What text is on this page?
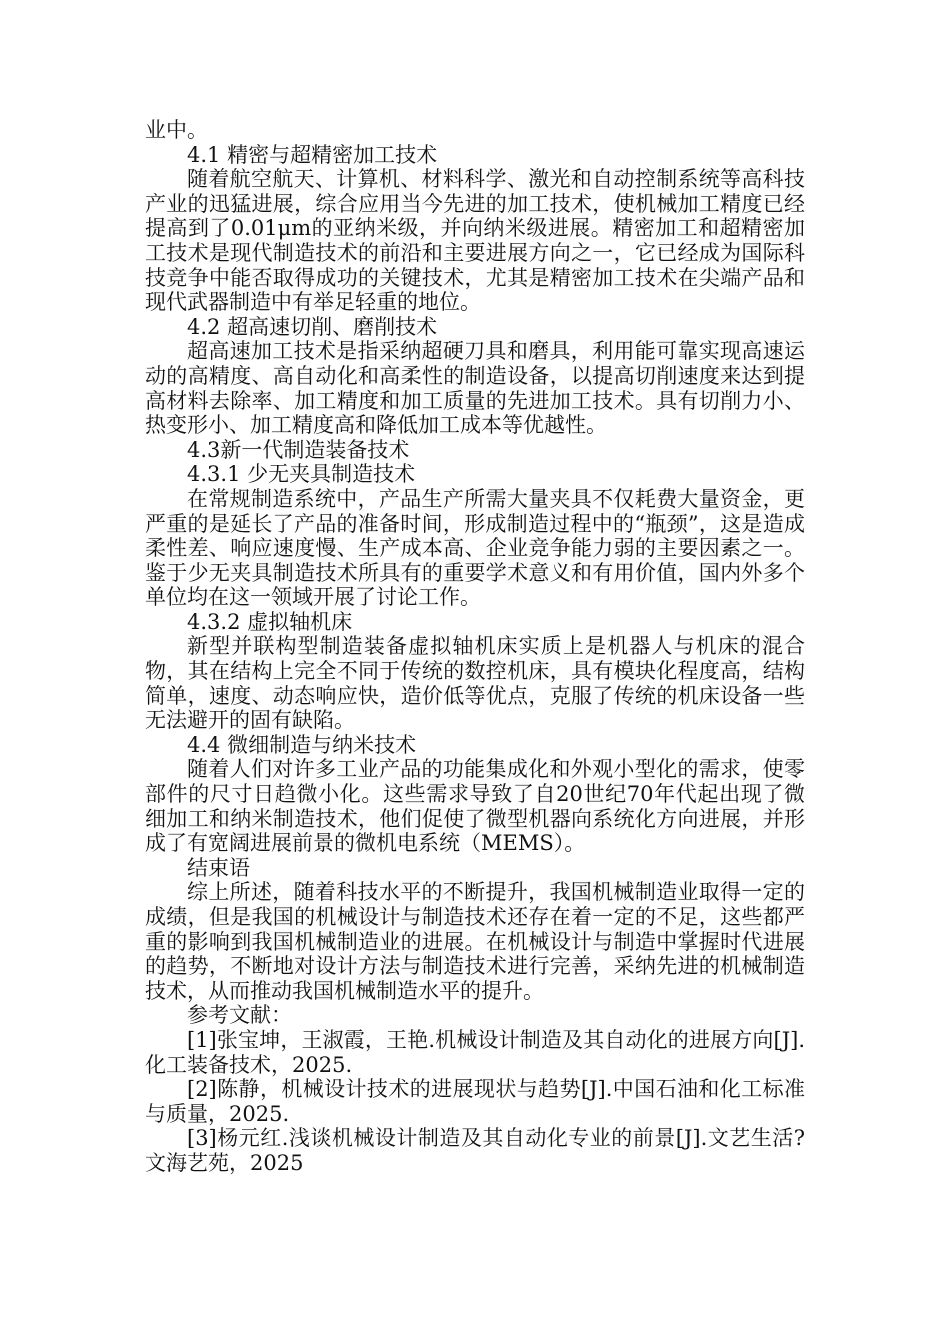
业中。

4.1 精密与超精密加工技术

随着航空航天、计算机、材料科学、激光和自动控制系统等高科技产业的迅猛进展，综合应用当今先进的加工技术，使机械加工精度已经提高到了0.01μm的亚纳米级，并向纳米级进展。精密加工和超精密加工技术是现代制造技术的前沿和主要进展方向之一，它已经成为国际科技竞争中能否取得成功的关键技术，尤其是精密加工技术在尖端产品和现代武器制造中有举足轻重的地位。

4.2 超高速切削、磨削技术

超高速加工技术是指采纳超硬刀具和磨具，利用能可靠实现高速运动的高精度、高自动化和高柔性的制造设备，以提高切削速度来达到提高材料去除率、加工精度和加工质量的先进加工技术。具有切削力小、热变形小、加工精度高和降低加工成本等优越性。

4.3新一代制造装备技术

4.3.1 少无夹具制造技术

在常规制造系统中，产品生产所需大量夹具不仅耗费大量资金，更严重的是延长了产品的准备时间，形成制造过程中的“瓶颈”，这是造成柔性差、响应速度慢、生产成本高、企业竞争能力弱的主要因素之一。鉴于少无夹具制造技术所具有的重要学术意义和有用价值，国内外多个单位均在这一领域开展了讨论工作。

4.3.2 虚拟轴机床

新型并联构型制造装备虚拟轴机床实质上是机器人与机床的混合物，其在结构上完全不同于传统的数控机床，具有模块化程度高，结构简单，速度、动态响应快，造价低等优点，克服了传统的机床设备一些无法避开的固有缺陷。

4.4 微细制造与纳米技术

随着人们对许多工业产品的功能集成化和外观小型化的需求，使零部件的尺寸日趋微小化。这些需求导致了自20世纪70年代起出现了微细加工和纳米制造技术，他们促使了微型机器向系统化方向进展，并形成了有宽阔进展前景的微机电系统（MEMS）。

结束语

综上所述，随着科技水平的不断提升，我国机械制造业取得一定的成绩，但是我国的机械设计与制造技术还存在着一定的不足，这些都严重的影响到我国机械制造业的进展。在机械设计与制造中掌握时代进展的趋势，不断地对设计方法与制造技术进行完善，采纳先进的机械制造技术，从而推动我国机械制造水平的提升。

参考文献：

[1]张宝坤，王淑霞，王艳.机械设计制造及其自动化的进展方向[J].化工装备技术，2025.

[2]陈静，机械设计技术的进展现状与趋势[J].中国石油和化工标准与质量，2025.

[3]杨元红.浅谈机械设计制造及其自动化专业的前景[J].文艺生活?文海艺苑，2025
